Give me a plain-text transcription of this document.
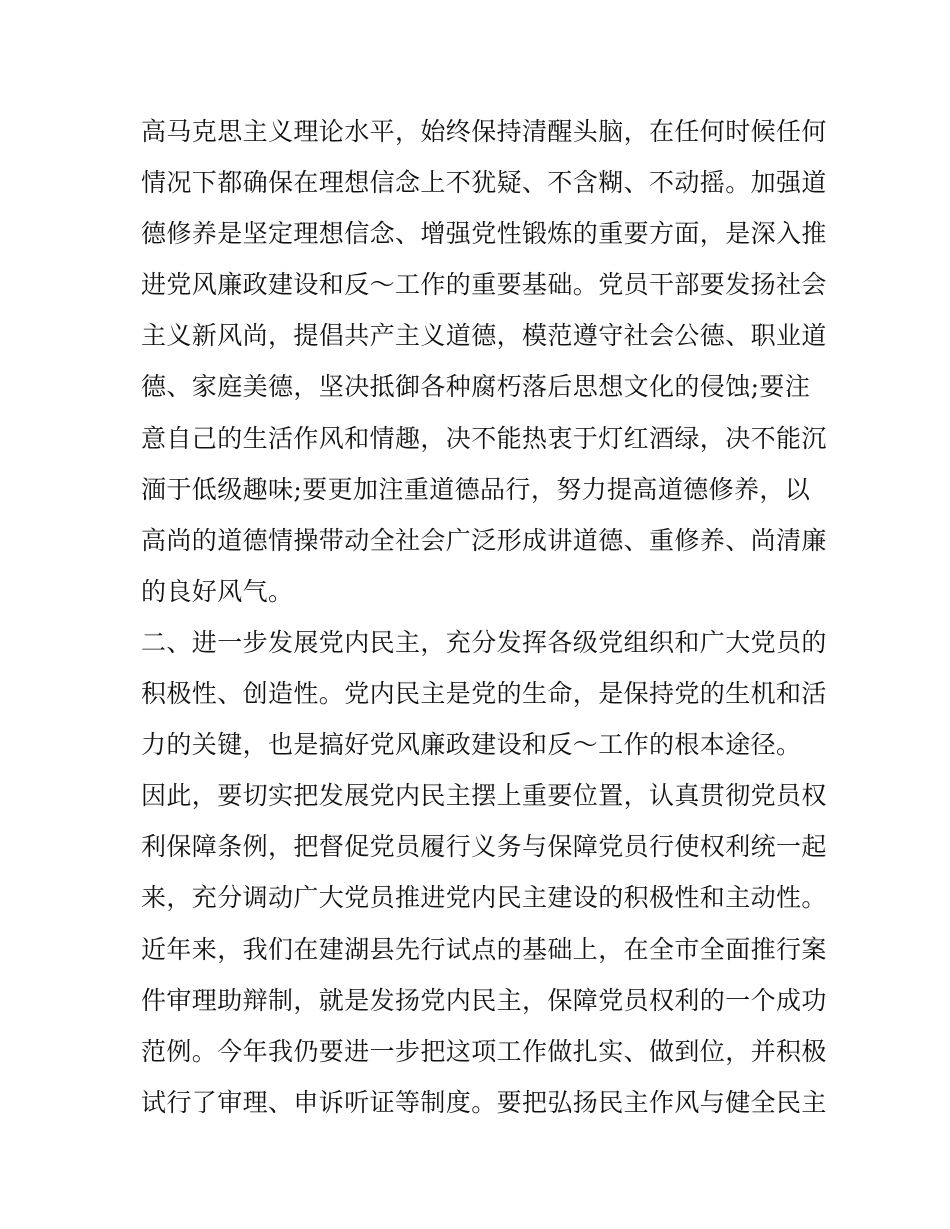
高马克思主义理论水平，始终保持清醒头脑，在任何时候任何
情况下都确保在理想信念上不犹疑、不含糊、不动摇。加强道
德修养是坚定理想信念、增强党性锻炼的重要方面，是深入推
进党风廉政建设和反～工作的重要基础。党员干部要发扬社会
主义新风尚，提倡共产主义道德，模范遵守社会公德、职业道
德、家庭美德，坚决抵御各种腐朽落后思想文化的侵蚀;要注
意自己的生活作风和情趣，决不能热衷于灯红酒绿，决不能沉
湎于低级趣味;要更加注重道德品行，努力提高道德修养，以
高尚的道德情操带动全社会广泛形成讲道德、重修养、尚清廉
的良好风气。
二、进一步发展党内民主，充分发挥各级党组织和广大党员的
积极性、创造性。党内民主是党的生命，是保持党的生机和活
力的关键，也是搞好党风廉政建设和反～工作的根本途径。
因此，要切实把发展党内民主摆上重要位置，认真贯彻党员权
利保障条例，把督促党员履行义务与保障党员行使权利统一起
来，充分调动广大党员推进党内民主建设的积极性和主动性。
近年来，我们在建湖县先行试点的基础上，在全市全面推行案
件审理助辩制，就是发扬党内民主，保障党员权利的一个成功
范例。今年我仍要进一步把这项工作做扎实、做到位，并积极
试行了审理、申诉听证等制度。要把弘扬民主作风与健全民主
